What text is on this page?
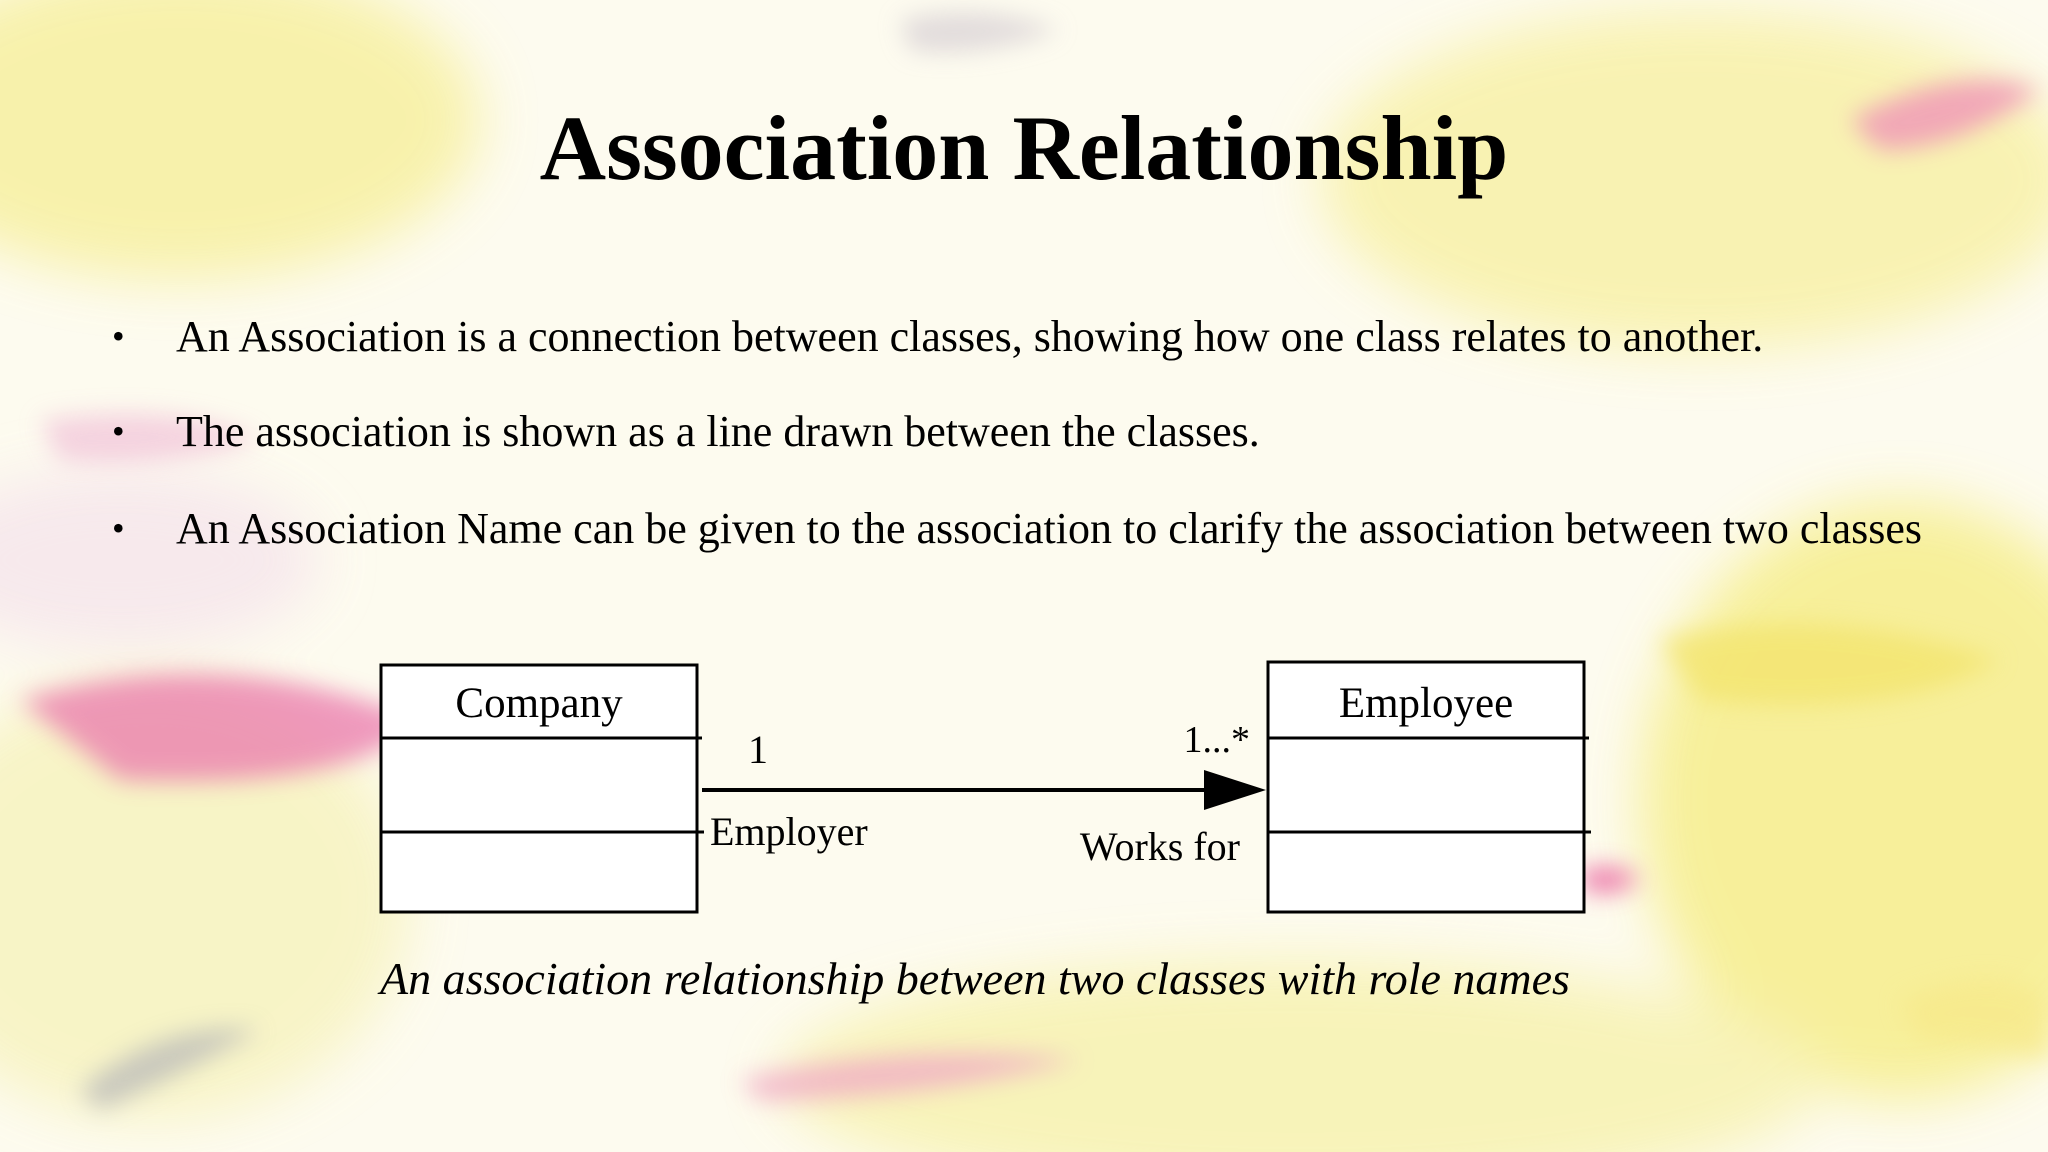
Association Relationship
• An Association is a connection between classes, showing how one class relates to another.
• The association is shown as a line drawn between the classes.
• An Association Name can be given to the association to clarify the association between two classes
Company	Employee
1
Employer
1...*
Works for

An association relationship between two classes with role names
